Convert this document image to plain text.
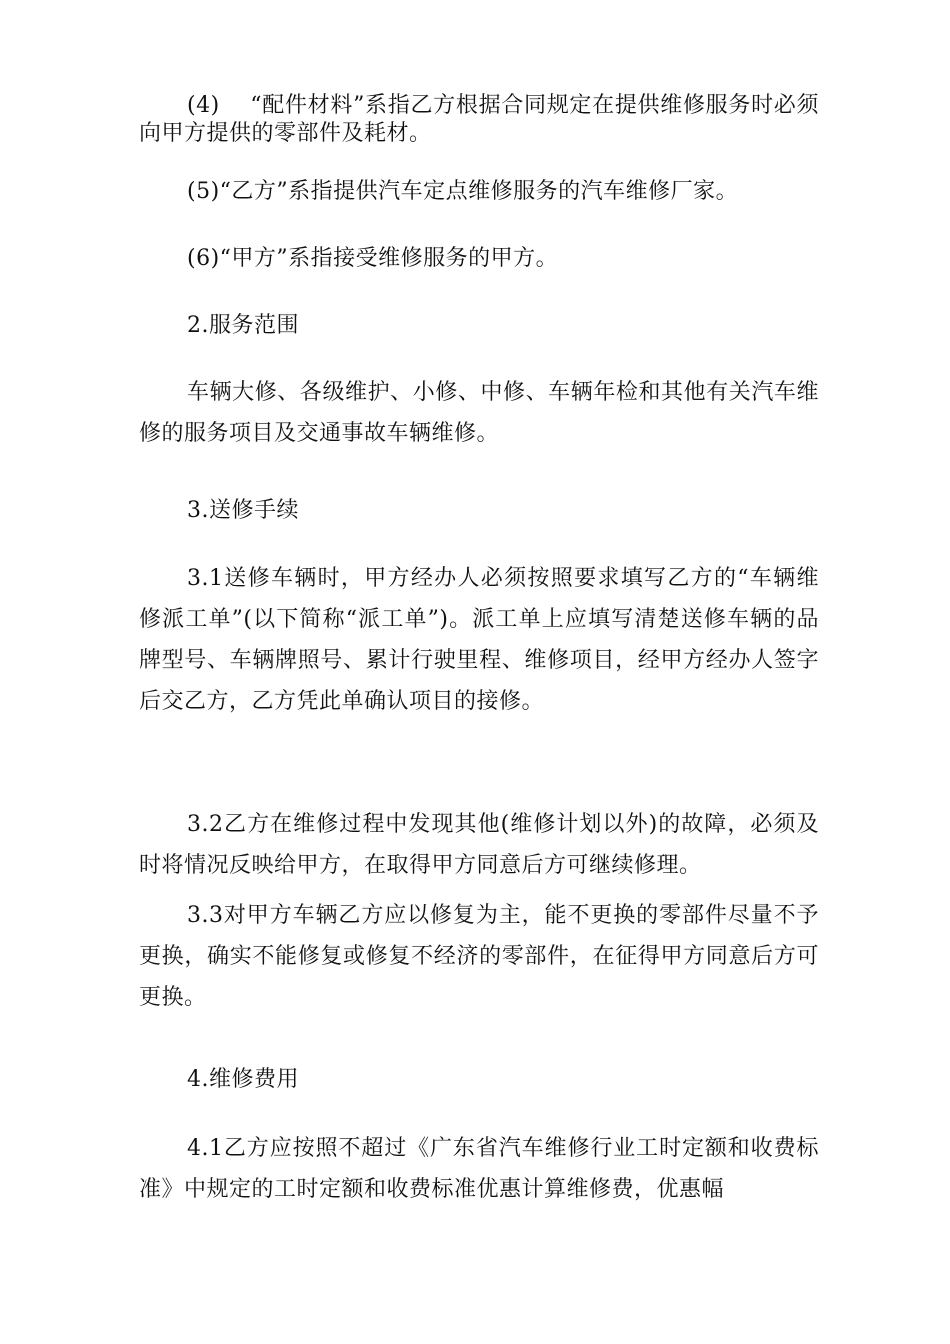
(4)　 “配件材料”系指乙方根据合同规定在提供维修服务时必须向甲方提供的零部件及耗材。

(5)“乙方”系指提供汽车定点维修服务的汽车维修厂家。

(6)“甲方”系指接受维修服务的甲方。

2.服务范围

车辆大修、各级维护、小修、中修、车辆年检和其他有关汽车维修的服务项目及交通事故车辆维修。

3.送修手续

3.1送修车辆时，甲方经办人必须按照要求填写乙方的“车辆维修派工单”(以下简称“派工单”)。派工单上应填写清楚送修车辆的品牌型号、车辆牌照号、累计行驶里程、维修项目，经甲方经办人签字后交乙方，乙方凭此单确认项目的接修。

3.2乙方在维修过程中发现其他(维修计划以外)的故障，必须及时将情况反映给甲方，在取得甲方同意后方可继续修理。

3.3对甲方车辆乙方应以修复为主，能不更换的零部件尽量不予更换，确实不能修复或修复不经济的零部件，在征得甲方同意后方可更换。

4.维修费用

4.1乙方应按照不超过《广东省汽车维修行业工时定额和收费标准》中规定的工时定额和收费标准优惠计算维修费，优惠幅
